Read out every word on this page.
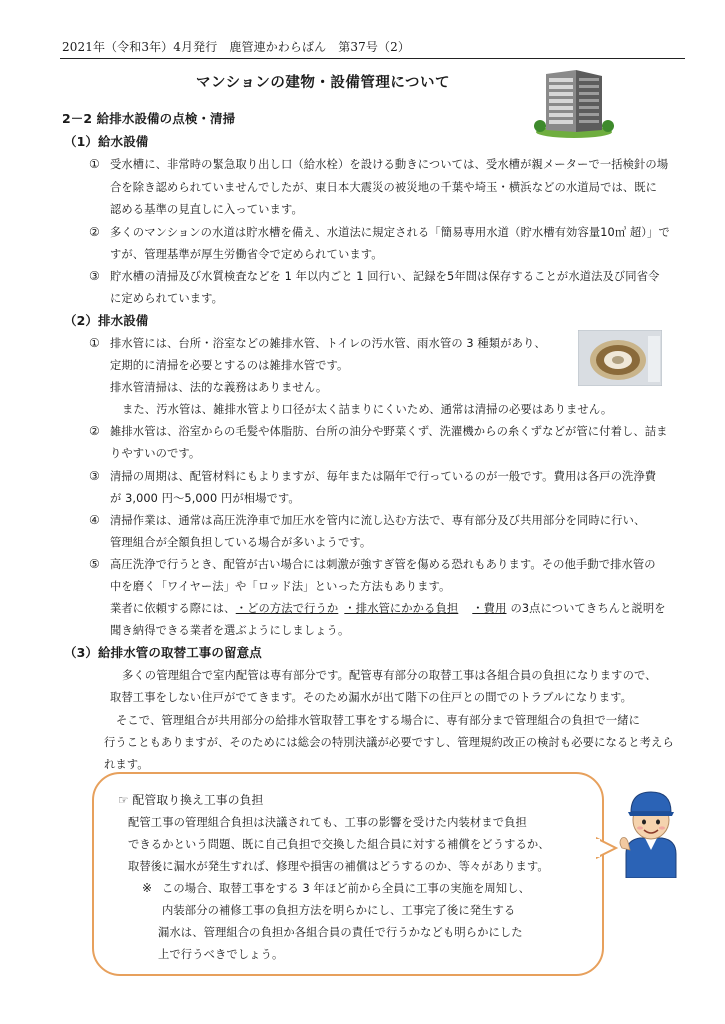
2021年（令和3年）4月発行　鹿管連かわらばん　第37号（2）
マンションの建物・設備管理について
2－2 給排水設備の点検・清掃
（1）給水設備
① 受水槽に、非常時の緊急取り出し口（給水栓）を設ける動きについては、受水槽が親メーターで一括検針の場
合を除き認められていませんでしたが、東日本大震災の被災地の千葉や埼玉・横浜などの水道局では、既に
認める基準の見直しに入っています。
② 多くのマンションの水道は貯水槽を備え、水道法に規定される「簡易専用水道（貯水槽有効容量10㎥ 超）」で
すが、管理基準が厚生労働省令で定められています。
③ 貯水槽の清掃及び水質検査などを 1 年以内ごと 1 回行い、記録を5年間は保存することが水道法及び同省令
に定められています。
（2）排水設備
① 排水管には、台所・浴室などの雑排水管、トイレの汚水管、雨水管の 3 種類があり、
定期的に清掃を必要とするのは雑排水管です。
排水管清掃は、法的な義務はありません。
また、汚水管は、雑排水管より口径が太く詰まりにくいため、通常は清掃の必要はありません。
② 雑排水管は、浴室からの毛髪や体脂肪、台所の油分や野菜くず、洗濯機からの糸くずなどが管に付着し、詰ま
りやすいのです。
③ 清掃の周期は、配管材料にもよりますが、毎年または隔年で行っているのが一般です。費用は各戸の洗浄費
が 3,000 円～5,000 円が相場です。
④ 清掃作業は、通常は高圧洗浄車で加圧水を管内に流し込む方法で、専有部分及び共用部分を同時に行い、
管理組合が全額負担している場合が多いようです。
⑤ 高圧洗浄で行うとき、配管が古い場合には刺激が強すぎ管を傷める恐れもあります。その他手動で排水管の
中を磨く「ワイヤー法」や「ロッド法」といった方法もあります。
業者に依頼する際には、 ・どの方法で行うか ・排水管にかかる負担 ・費用 の3点についてきちんと説明を
聞き納得できる業者を選ぶようにしましょう。
（3）給排水管の取替工事の留意点
多くの管理組合で室内配管は専有部分です。配管専有部分の取替工事は各組合員の負担になりますので、
取替工事をしない住戸がでてきます。そのため漏水が出て階下の住戸との間でのトラブルになります。
そこで、管理組合が共用部分の給排水管取替工事をする場合に、専有部分まで管理組合の負担で一緒に
行うこともありますが、そのためには総会の特別決議が必要ですし、管理規約改正の検討も必要になると考えら
れます。
☞ 配管取り換え工事の負担
配管工事の管理組合負担は決議されても、工事の影響を受けた内装材まで負担
できるかという問題、既に自己負担で交換した組合員に対する補償をどうするか、
取替後に漏水が発生すれば、修理や損害の補償はどうするのか、等々があります。
※ この場合、取替工事をする 3 年ほど前から全員に工事の実施を周知し、
内装部分の補修工事の負担方法を明らかにし、工事完了後に発生する
漏水は、管理組合の負担か各組合員の責任で行うかなども明らかにした
上で行うべきでしょう。
